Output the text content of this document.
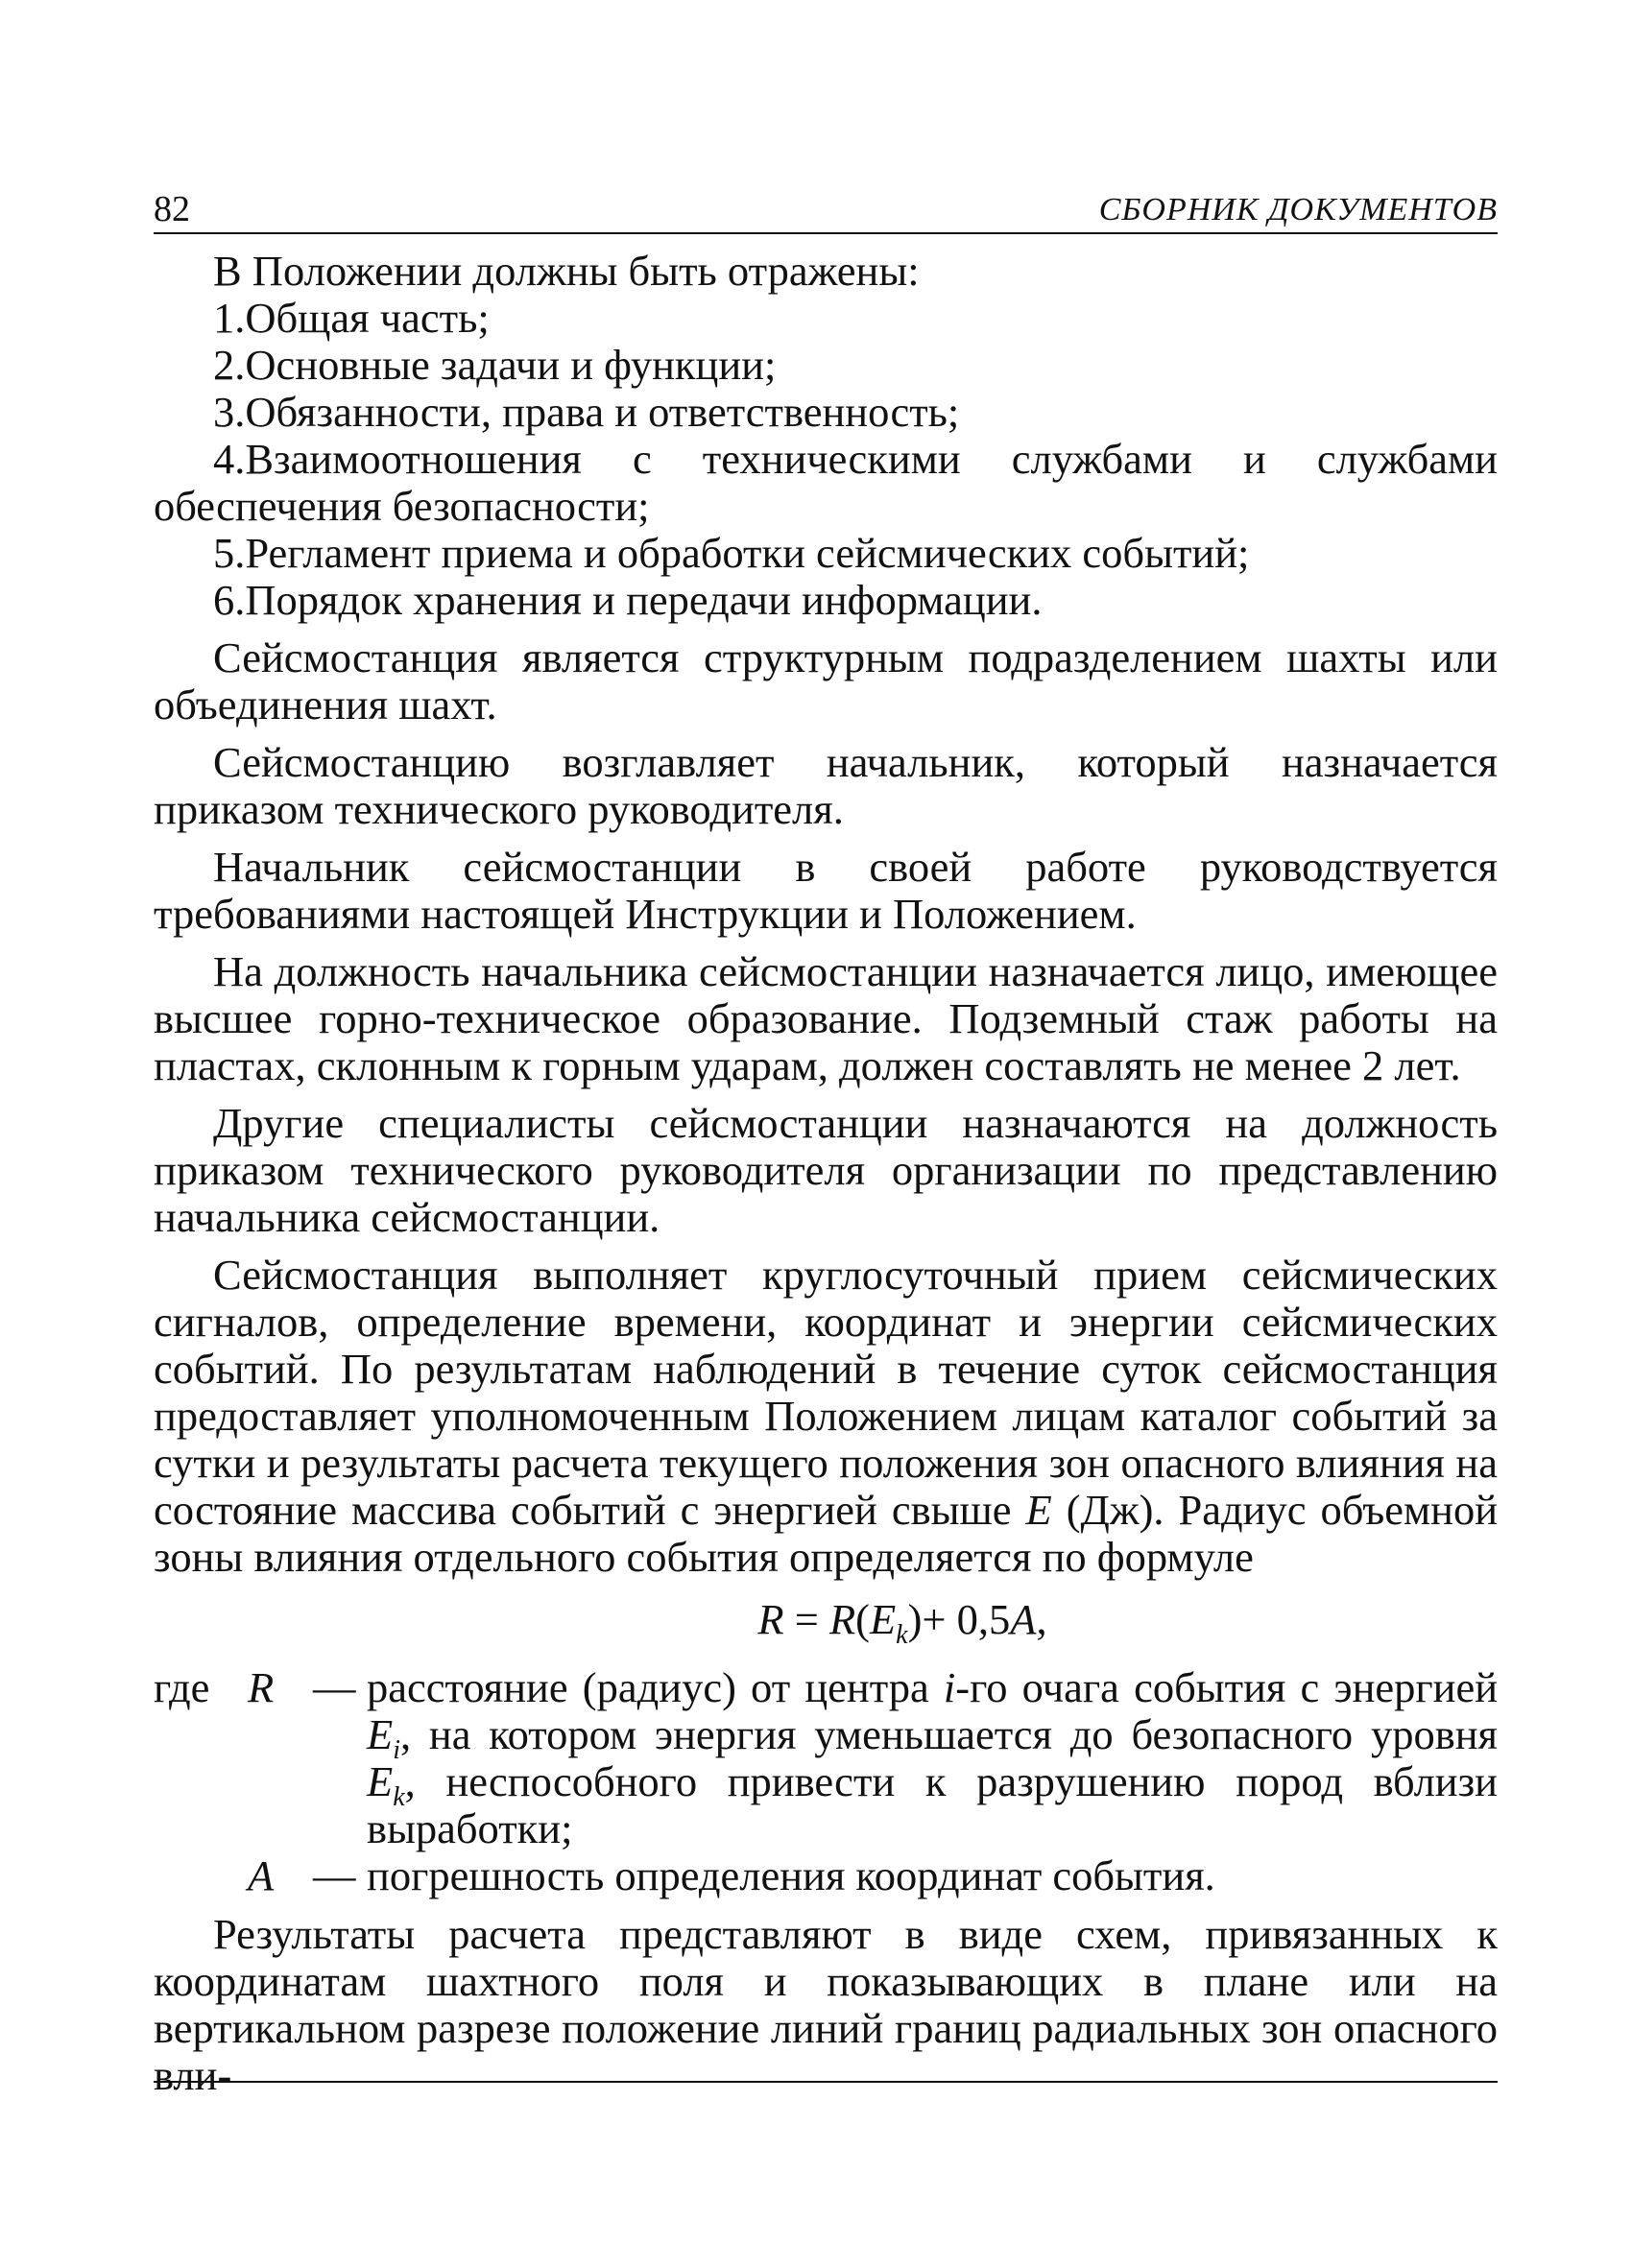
82	СБОРНИК ДОКУМЕНТОВ

В Положении должны быть отражены:

1.Общая часть;

2.Основные задачи и функции;

3.Обязанности, права и ответственность;

4.Взаимоотношения с техническими службами и службами обеспечения безопасности;

5.Регламент приема и обработки сейсмических событий;

6.Порядок хранения и передачи информации.

Сейсмостанция является структурным подразделением шахты или объединения шахт.

Сейсмостанцию возглавляет начальник, который назначается приказом технического руководителя.

Начальник сейсмостанции в своей работе руководствуется требованиями настоящей Инструкции и Положением.

На должность начальника сейсмостанции назначается лицо, имеющее высшее горно-техническое образование. Подземный стаж работы на пластах, склонным к горным ударам, должен составлять не менее 2 лет.

Другие специалисты сейсмостанции назначаются на должность приказом технического руководителя организации по представлению начальника сейсмостанции.

Сейсмостанция выполняет круглосуточный прием сейсмических сигналов, определение времени, координат и энергии сейсмических событий. По результатам наблюдений в течение суток сейсмостанция предоставляет уполномоченным Положением лицам каталог событий за сутки и результаты расчета текущего положения зон опасного влияния на состояние массива событий с энергией свыше E (Дж). Радиус объемной зоны влияния отдельного события определяется по формуле

$R = R(E_k)+ 0,5A$,
где	R	—	расстояние (радиус) от центра i-го очага события с энергией $E_i$, на котором энергия уменьшается до безопасного уровня $E_k$, неспособного привести к разрушению пород вблизи выработки;
	A	—	погрешность определения координат события.

Результаты расчета представляют в виде схем, привязанных к координатам шахтного поля и показывающих в плане или на вертикальном разрезе положение линий границ радиальных зон опасного вли-
